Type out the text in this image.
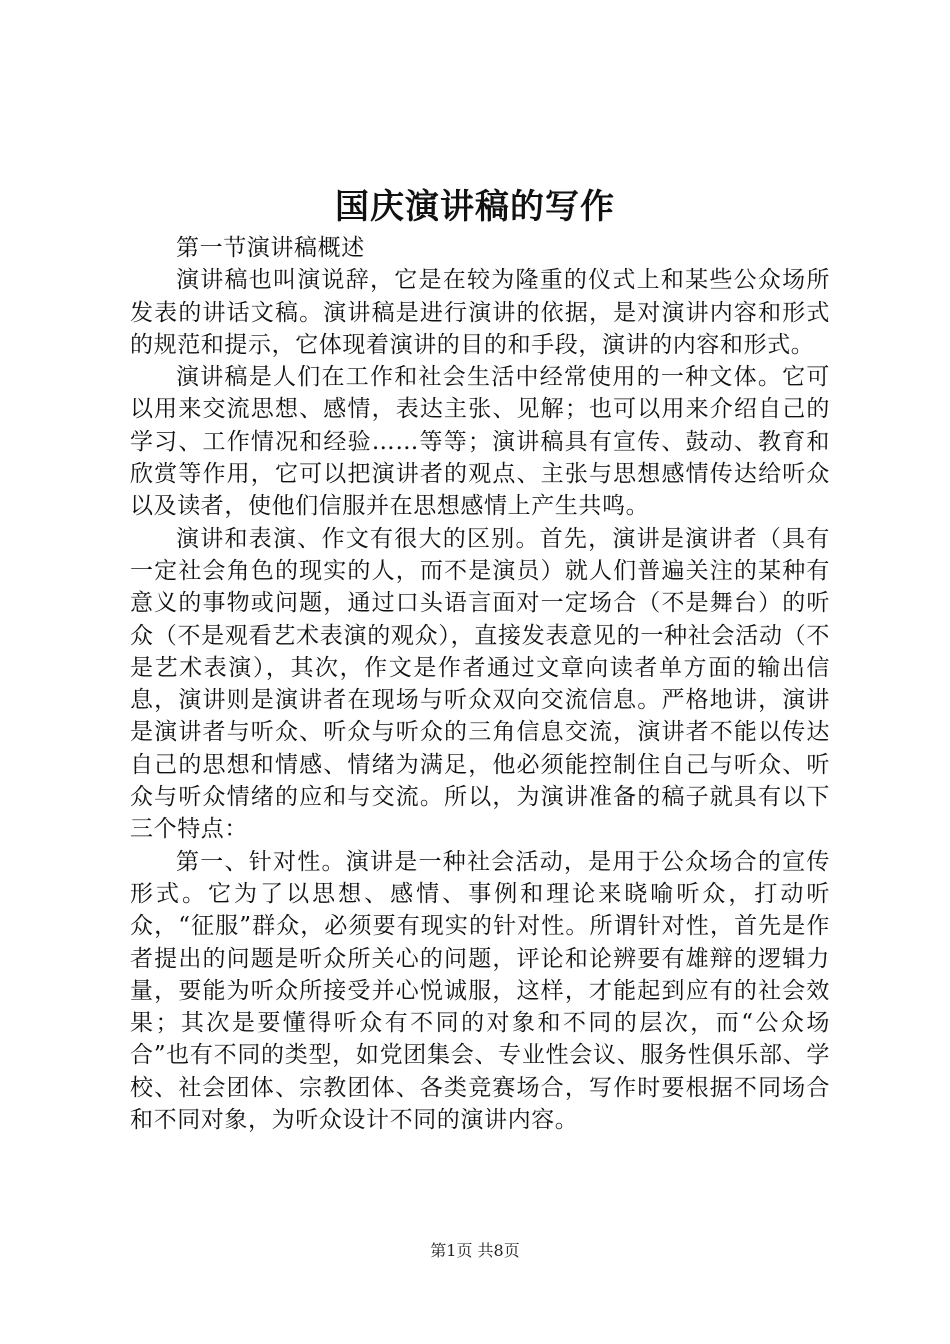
国庆演讲稿的写作

第一节演讲稿概述

演讲稿也叫演说辞，它是在较为隆重的仪式上和某些公众场所发表的讲话文稿。演讲稿是进行演讲的依据，是对演讲内容和形式的规范和提示，它体现着演讲的目的和手段，演讲的内容和形式。

演讲稿是人们在工作和社会生活中经常使用的一种文体。它可以用来交流思想、感情，表达主张、见解；也可以用来介绍自己的学习、工作情况和经验……等等；演讲稿具有宣传、鼓动、教育和欣赏等作用，它可以把演讲者的观点、主张与思想感情传达给听众以及读者，使他们信服并在思想感情上产生共鸣。

演讲和表演、作文有很大的区别。首先，演讲是演讲者（具有一定社会角色的现实的人，而不是演员）就人们普遍关注的某种有意义的事物或问题，通过口头语言面对一定场合（不是舞台）的听众（不是观看艺术表演的观众），直接发表意见的一种社会活动（不是艺术表演），其次，作文是作者通过文章向读者单方面的输出信息，演讲则是演讲者在现场与听众双向交流信息。严格地讲，演讲是演讲者与听众、听众与听众的三角信息交流，演讲者不能以传达自己的思想和情感、情绪为满足，他必须能控制住自己与听众、听众与听众情绪的应和与交流。所以，为演讲准备的稿子就具有以下三个特点：

第一、针对性。演讲是一种社会活动，是用于公众场合的宣传形式。它为了以思想、感情、事例和理论来晓喻听众，打动听众，“征服”群众，必须要有现实的针对性。所谓针对性，首先是作者提出的问题是听众所关心的问题，评论和论辨要有雄辩的逻辑力量，要能为听众所接受并心悦诚服，这样，才能起到应有的社会效果；其次是要懂得听众有不同的对象和不同的层次，而“公众场合”也有不同的类型，如党团集会、专业性会议、服务性俱乐部、学校、社会团体、宗教团体、各类竞赛场合，写作时要根据不同场合和不同对象，为听众设计不同的演讲内容。

第1页 共8页
